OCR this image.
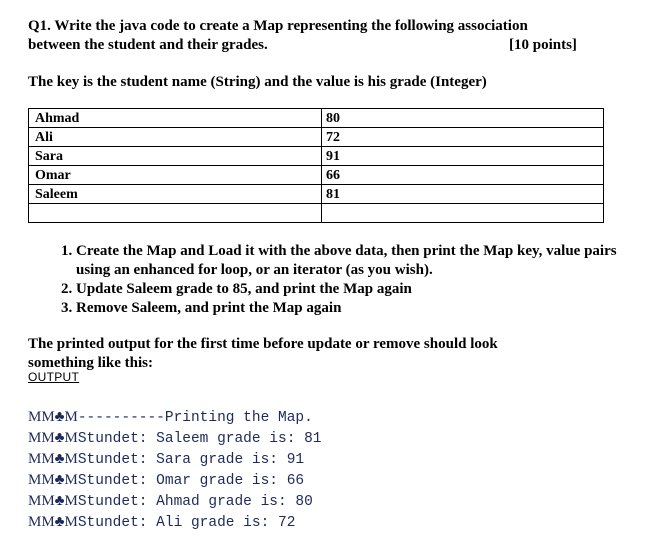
Q1. Write the java code to create a Map representing the following association
between the student and their grades.	[10 points]
The key is the student name (String) and the value is his grade (Integer)
Ahmad	80
Ali	72
Sara	91
Omar	66
Saleem	81

1. Create the Map and Load it with the above data, then print the Map key, value pairs using an enhanced for loop, or an iterator (as you wish).
2. Update Saleem grade to 85, and print the Map again
3. Remove Saleem, and print the Map again
The printed output for the first time before update or remove should look
something like this:
OUTPUT
MM♣M----------Printing the Map.
MM♣MStundet: Saleem grade is: 81
MM♣MStundet: Sara grade is: 91
MM♣MStundet: Omar grade is: 66
MM♣MStundet: Ahmad grade is: 80
MM♣MStundet: Ali grade is: 72
